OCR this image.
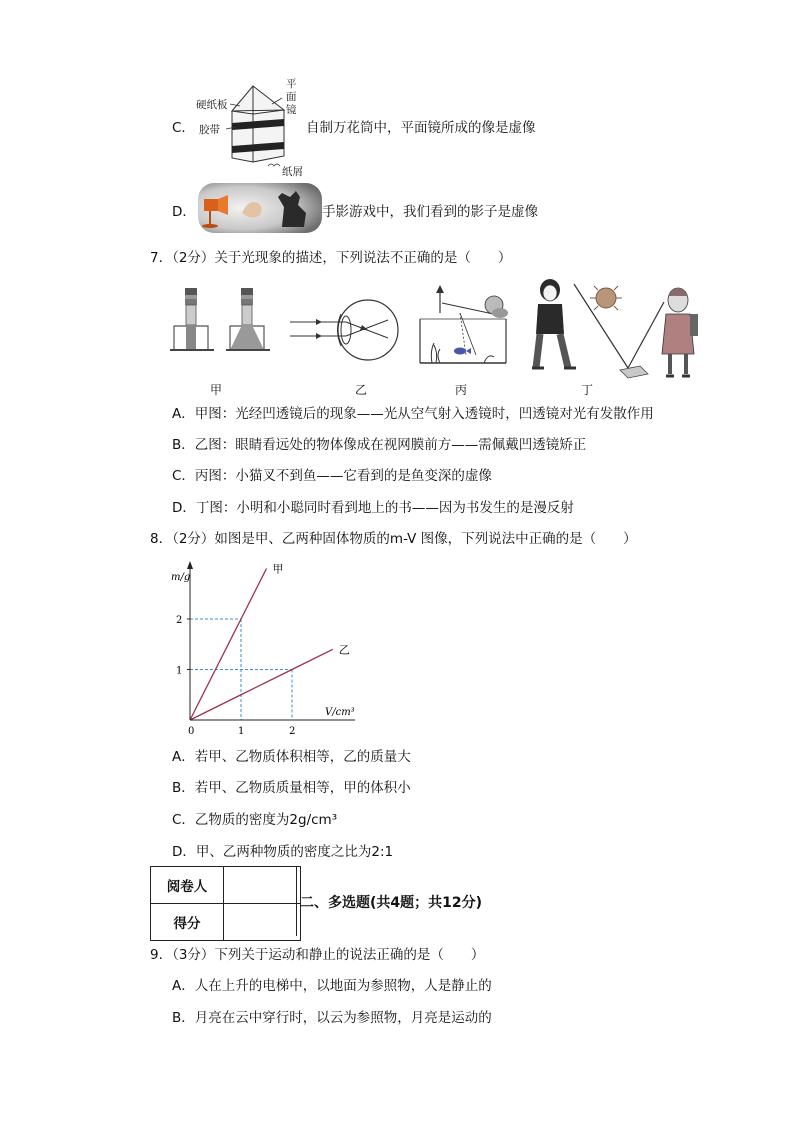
C．
平面镜
硬纸板
胶带
纸屑
自制万花筒中，平面镜所成的像是虚像
D．	手影游戏中，我们看到的影子是虚像
7．（2分）关于光现象的描述，下列说法不正确的是（　　）
甲	乙	丙	丁
A．甲图：光经凹透镜后的现象——光从空气射入透镜时，凹透镜对光有发散作用
B．乙图：眼睛看远处的物体像成在视网膜前方——需佩戴凹透镜矫正
C．丙图：小猫叉不到鱼——它看到的是鱼变深的虚像
D．丁图：小明和小聪同时看到地上的书——因为书发生的是漫反射
8．（2分）如图是甲、乙两种固体物质的m-V 图像，下列说法中正确的是（　　）
0	1	2
1
2
m/g
V/cm³
甲
乙
A．若甲、乙物质体积相等，乙的质量大
B．若甲、乙物质质量相等，甲的体积小
C．乙物质的密度为2g/cm³
D．甲、乙两种物质的密度之比为2:1
阅卷人	
得分	
二、多选题(共4题；共12分)
9．（3分）下列关于运动和静止的说法正确的是（　　）
A．人在上升的电梯中，以地面为参照物，人是静止的
B．月亮在云中穿行时，以云为参照物，月亮是运动的
